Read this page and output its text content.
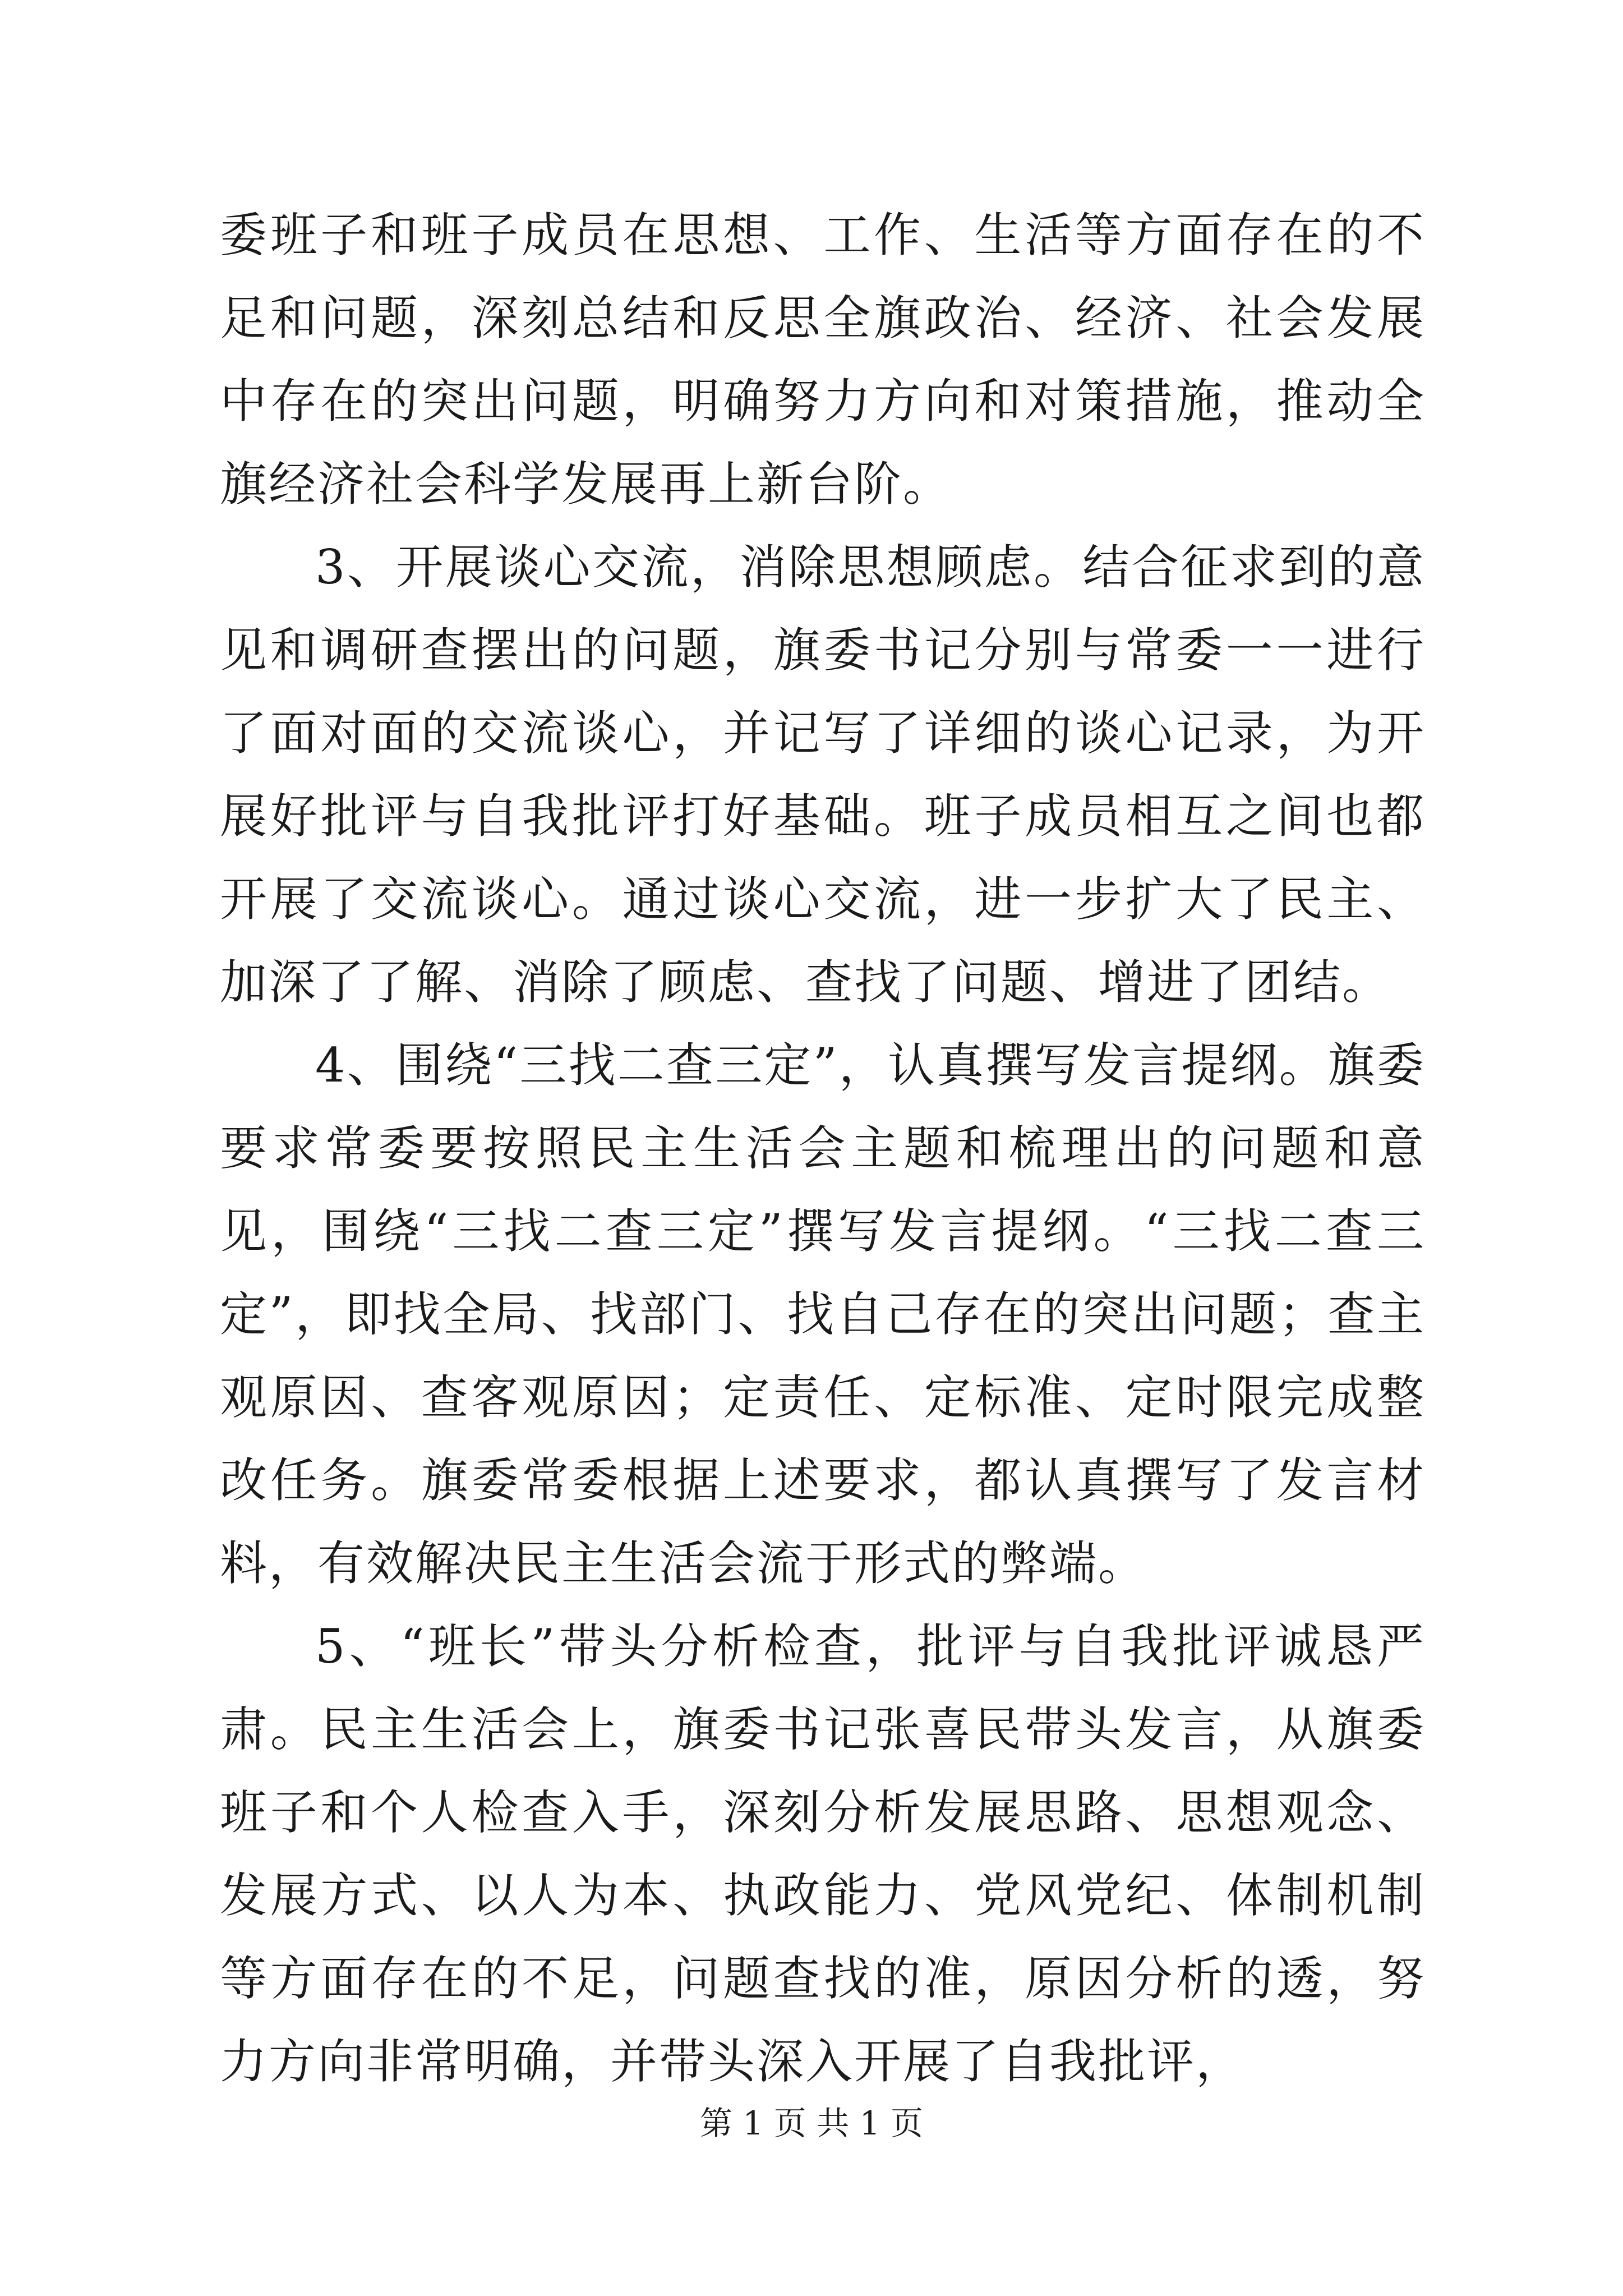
委班子和班子成员在思想、工作、生活等方面存在的不足和问题，深刻总结和反思全旗政治、经济、社会发展中存在的突出问题，明确努力方向和对策措施，推动全旗经济社会科学发展再上新台阶。

3、开展谈心交流，消除思想顾虑。结合征求到的意见和调研查摆出的问题，旗委书记分别与常委一一进行了面对面的交流谈心，并记写了详细的谈心记录，为开展好批评与自我批评打好基础。班子成员相互之间也都开展了交流谈心。通过谈心交流，进一步扩大了民主、加深了了解、消除了顾虑、查找了问题、增进了团结。

4、围绕“三找二查三定”，认真撰写发言提纲。旗委要求常委要按照民主生活会主题和梳理出的问题和意见，围绕“三找二查三定”撰写发言提纲。“三找二查三定”，即找全局、找部门、找自己存在的突出问题；查主观原因、查客观原因；定责任、定标准、定时限完成整改任务。旗委常委根据上述要求，都认真撰写了发言材料，有效解决民主生活会流于形式的弊端。

5、“班长”带头分析检查，批评与自我批评诚恳严肃。民主生活会上，旗委书记张喜民带头发言，从旗委班子和个人检查入手，深刻分析发展思路、思想观念、发展方式、以人为本、执政能力、党风党纪、体制机制等方面存在的不足，问题查找的准，原因分析的透，努力方向非常明确，并带头深入开展了自我批评，

第 1 页 共 1 页
